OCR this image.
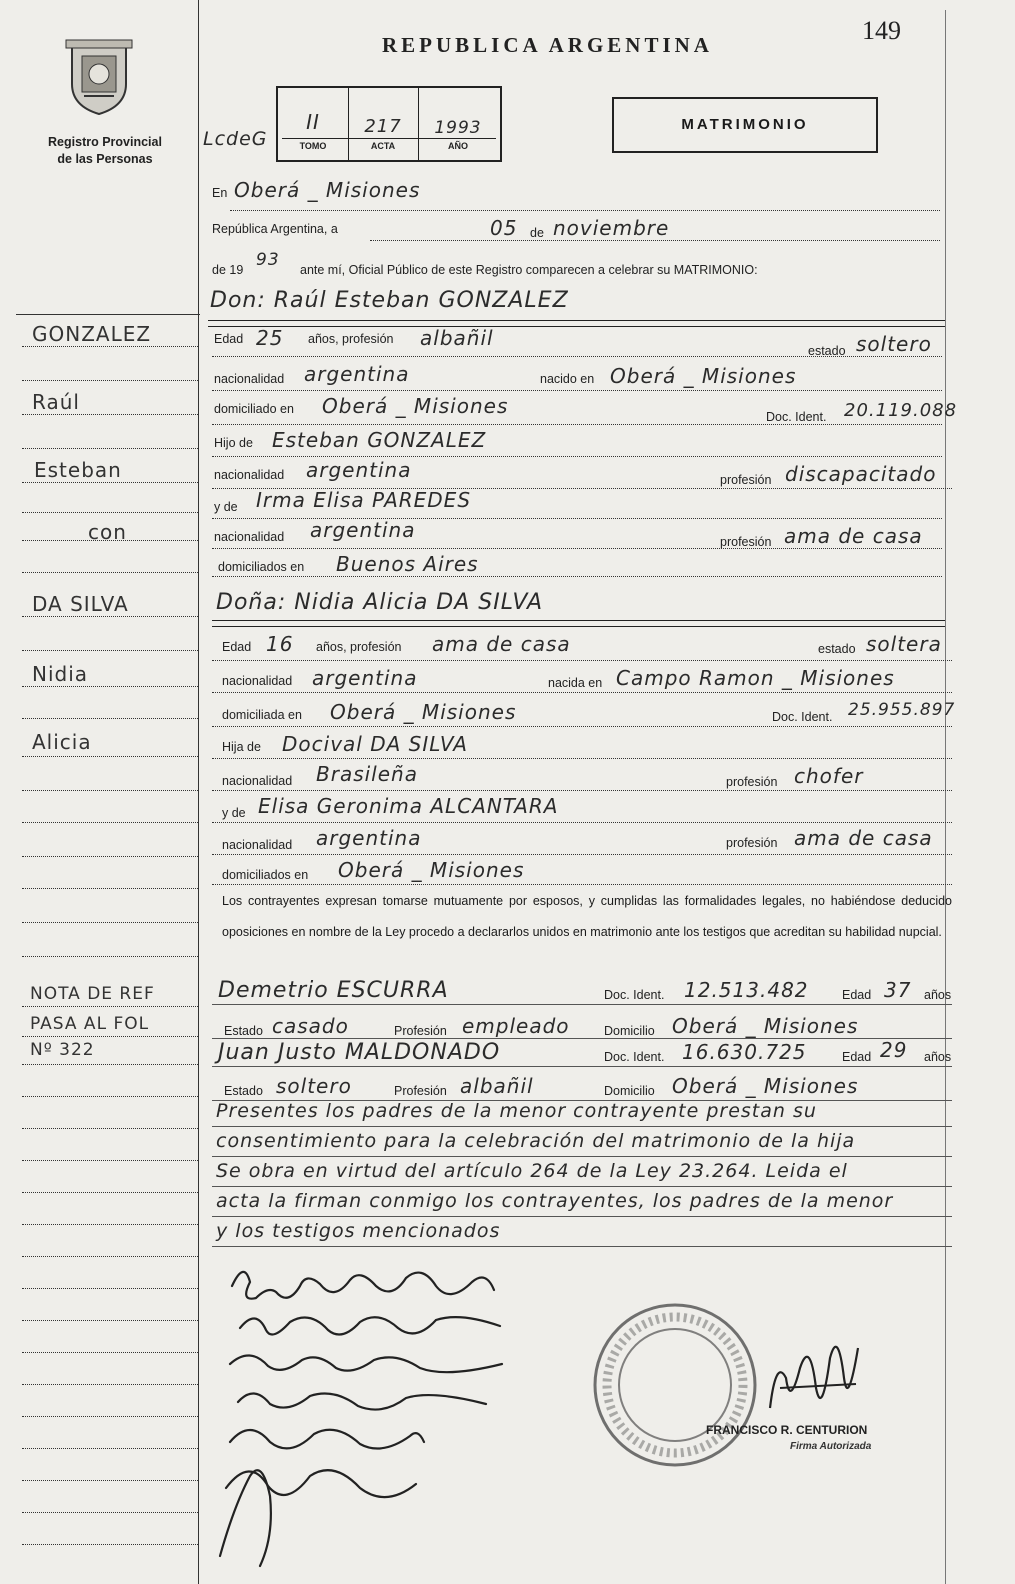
Registro Provincial
de las Personas
REPUBLICA ARGENTINA	149
LcdeG
II	217	1993
TOMO	ACTA	AÑO
MATRIMONIO
En Oberá _ Misiones
República Argentina, a	05 de noviembre
de 19 93 ante mí, Oficial Público de este Registro comparecen a celebrar su MATRIMONIO:
Don: Raúl Esteban GONZALEZ
Edad 25 años, profesión albañil
estado soltero
nacionalidad argentina	nacido en Oberá _ Misiones
domiciliado en Oberá _ Misiones	Doc. Ident. 20.119.088
Hijo de Esteban GONZALEZ
nacionalidad argentina	profesión discapacitado
y de Irma Elisa PAREDES
nacionalidad argentina	profesión ama de casa
domiciliados en Buenos Aires
Doña: Nidia Alicia DA SILVA
Edad 16 años, profesión ama de casa	estado soltera
nacionalidad argentina	nacida en Campo Ramon _ Misiones
domiciliada en Oberá _ Misiones	Doc. Ident. 25.955.897
Hija de Docival DA SILVA
nacionalidad Brasileña	profesión chofer
y de Elisa Geronima ALCANTARA
nacionalidad argentina	profesión ama de casa
domiciliados en Oberá _ Misiones
Los contrayentes expresan tomarse mutuamente por esposos, y cumplidas las formalidades legales, no habiéndose deducido oposiciones en nombre de la Ley procedo a declararlos unidos en matrimonio ante los testigos que acreditan su habilidad nupcial.
Demetrio ESCURRA	Doc. Ident. 12.513.482	Edad 37 años
Estado casado	Profesión empleado	Domicilio Oberá _ Misiones
Juan Justo MALDONADO	Doc. Ident. 16.630.725	Edad 29 años
Estado soltero	Profesión albañil	Domicilio Oberá _ Misiones
Presentes los padres de la menor contrayente prestan su
consentimiento para la celebración del matrimonio de la hija
Se obra en virtud del artículo 264 de la Ley 23.264. Leida el
acta la firman conmigo los contrayentes, los padres de la menor
y los testigos mencionados
FRANCISCO R. CENTURION
Firma Autorizada
GONZALEZ
Raúl
Esteban
con
DA SILVA
Nidia
Alicia
NOTA DE REF
PASA AL FOL
Nº 322
